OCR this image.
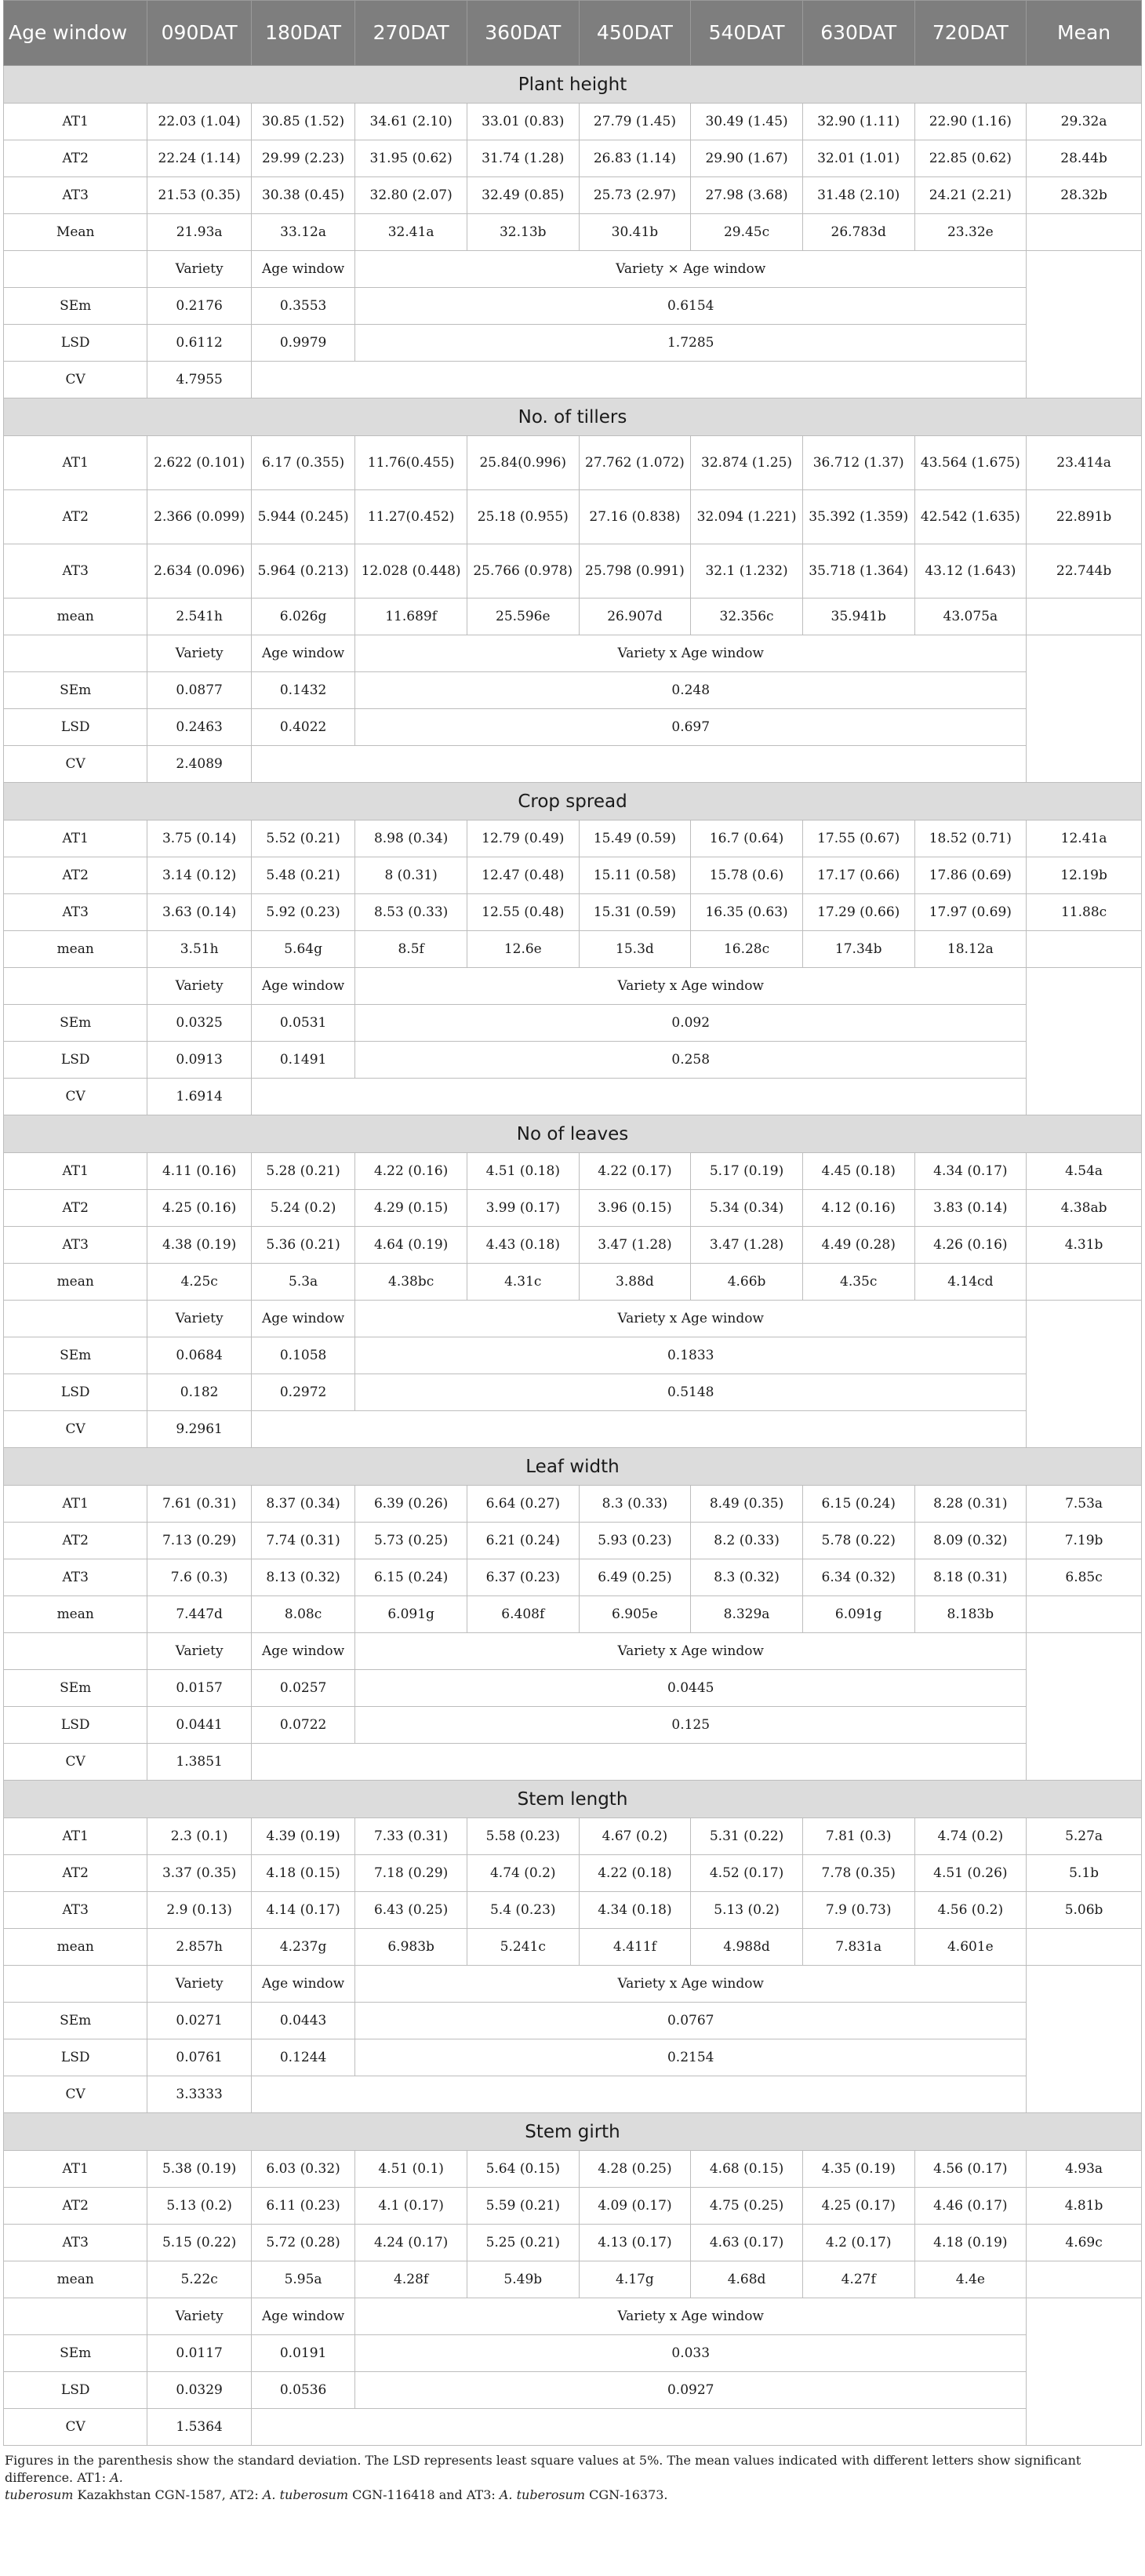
Age window	090DAT	180DAT	270DAT	360DAT	450DAT	540DAT	630DAT	720DAT	Mean
Plant height									
AT1	22.03 (1.04)	30.85 (1.52)	34.61 (2.10)	33.01 (0.83)	27.79 (1.45)	30.49 (1.45)	32.90 (1.11)	22.90 (1.16)	29.32a
AT2	22.24 (1.14)	29.99 (2.23)	31.95 (0.62)	31.74 (1.28)	26.83 (1.14)	29.90 (1.67)	32.01 (1.01)	22.85 (0.62)	28.44b
AT3	21.53 (0.35)	30.38 (0.45)	32.80 (2.07)	32.49 (0.85)	25.73 (2.97)	27.98 (3.68)	31.48 (2.10)	24.21 (2.21)	28.32b
Mean	21.93a	33.12a	32.41a	32.13b	30.41b	29.45c	26.783d	23.32e	
	Variety	Age window	Variety × Age window						
SEm	0.2176	0.3553	0.6154						
LSD	0.6112	0.9979	1.7285						
CV	4.7955								
No. of tillers									
AT1	2.622 (0.101)	6.17 (0.355)	11.76(0.455)	25.84(0.996)	27.762 (1.072)	32.874 (1.25)	36.712 (1.37)	43.564 (1.675)	23.414a
AT2	2.366 (0.099)	5.944 (0.245)	11.27(0.452)	25.18 (0.955)	27.16 (0.838)	32.094 (1.221)	35.392 (1.359)	42.542 (1.635)	22.891b
AT3	2.634 (0.096)	5.964 (0.213)	12.028 (0.448)	25.766 (0.978)	25.798 (0.991)	32.1 (1.232)	35.718 (1.364)	43.12 (1.643)	22.744b
mean	2.541h	6.026g	11.689f	25.596e	26.907d	32.356c	35.941b	43.075a	
	Variety	Age window	Variety x Age window						
SEm	0.0877	0.1432	0.248						
LSD	0.2463	0.4022	0.697						
CV	2.4089								
Crop spread									
AT1	3.75 (0.14)	5.52 (0.21)	8.98 (0.34)	12.79 (0.49)	15.49 (0.59)	16.7 (0.64)	17.55 (0.67)	18.52 (0.71)	12.41a
AT2	3.14 (0.12)	5.48 (0.21)	8 (0.31)	12.47 (0.48)	15.11 (0.58)	15.78 (0.6)	17.17 (0.66)	17.86 (0.69)	12.19b
AT3	3.63 (0.14)	5.92 (0.23)	8.53 (0.33)	12.55 (0.48)	15.31 (0.59)	16.35 (0.63)	17.29 (0.66)	17.97 (0.69)	11.88c
mean	3.51h	5.64g	8.5f	12.6e	15.3d	16.28c	17.34b	18.12a	
	Variety	Age window	Variety x Age window						
SEm	0.0325	0.0531	0.092						
LSD	0.0913	0.1491	0.258						
CV	1.6914								
No of leaves									
AT1	4.11 (0.16)	5.28 (0.21)	4.22 (0.16)	4.51 (0.18)	4.22 (0.17)	5.17 (0.19)	4.45 (0.18)	4.34 (0.17)	4.54a
AT2	4.25 (0.16)	5.24 (0.2)	4.29 (0.15)	3.99 (0.17)	3.96 (0.15)	5.34 (0.34)	4.12 (0.16)	3.83 (0.14)	4.38ab
AT3	4.38 (0.19)	5.36 (0.21)	4.64 (0.19)	4.43 (0.18)	3.47 (1.28)	3.47 (1.28)	4.49 (0.28)	4.26 (0.16)	4.31b
mean	4.25c	5.3a	4.38bc	4.31c	3.88d	4.66b	4.35c	4.14cd	
	Variety	Age window	Variety x Age window						
SEm	0.0684	0.1058	0.1833						
LSD	0.182	0.2972	0.5148						
CV	9.2961								
Leaf width									
AT1	7.61 (0.31)	8.37 (0.34)	6.39 (0.26)	6.64 (0.27)	8.3 (0.33)	8.49 (0.35)	6.15 (0.24)	8.28 (0.31)	7.53a
AT2	7.13 (0.29)	7.74 (0.31)	5.73 (0.25)	6.21 (0.24)	5.93 (0.23)	8.2 (0.33)	5.78 (0.22)	8.09 (0.32)	7.19b
AT3	7.6 (0.3)	8.13 (0.32)	6.15 (0.24)	6.37 (0.23)	6.49 (0.25)	8.3 (0.32)	6.34 (0.32)	8.18 (0.31)	6.85c
mean	7.447d	8.08c	6.091g	6.408f	6.905e	8.329a	6.091g	8.183b	
	Variety	Age window	Variety x Age window						
SEm	0.0157	0.0257	0.0445						
LSD	0.0441	0.0722	0.125						
CV	1.3851								
Stem length									
AT1	2.3 (0.1)	4.39 (0.19)	7.33 (0.31)	5.58 (0.23)	4.67 (0.2)	5.31 (0.22)	7.81 (0.3)	4.74 (0.2)	5.27a
AT2	3.37 (0.35)	4.18 (0.15)	7.18 (0.29)	4.74 (0.2)	4.22 (0.18)	4.52 (0.17)	7.78 (0.35)	4.51 (0.26)	5.1b
AT3	2.9 (0.13)	4.14 (0.17)	6.43 (0.25)	5.4 (0.23)	4.34 (0.18)	5.13 (0.2)	7.9 (0.73)	4.56 (0.2)	5.06b
mean	2.857h	4.237g	6.983b	5.241c	4.411f	4.988d	7.831a	4.601e	
	Variety	Age window	Variety x Age window						
SEm	0.0271	0.0443	0.0767						
LSD	0.0761	0.1244	0.2154						
CV	3.3333								
Stem girth									
AT1	5.38 (0.19)	6.03 (0.32)	4.51 (0.1)	5.64 (0.15)	4.28 (0.25)	4.68 (0.15)	4.35 (0.19)	4.56 (0.17)	4.93a
AT2	5.13 (0.2)	6.11 (0.23)	4.1 (0.17)	5.59 (0.21)	4.09 (0.17)	4.75 (0.25)	4.25 (0.17)	4.46 (0.17)	4.81b
AT3	5.15 (0.22)	5.72 (0.28)	4.24 (0.17)	5.25 (0.21)	4.13 (0.17)	4.63 (0.17)	4.2 (0.17)	4.18 (0.19)	4.69c
mean	5.22c	5.95a	4.28f	5.49b	4.17g	4.68d	4.27f	4.4e	
	Variety	Age window	Variety x Age window						
SEm	0.0117	0.0191	0.033						
LSD	0.0329	0.0536	0.0927						
CV	1.5364								
Figures in the parenthesis show the standard deviation. The LSD represents least square values at 5%. The mean values indicated with different letters show significant difference. AT1: A.
tuberosum Kazakhstan CGN-1587, AT2: A. tuberosum CGN-116418 and AT3: A. tuberosum CGN-16373.
